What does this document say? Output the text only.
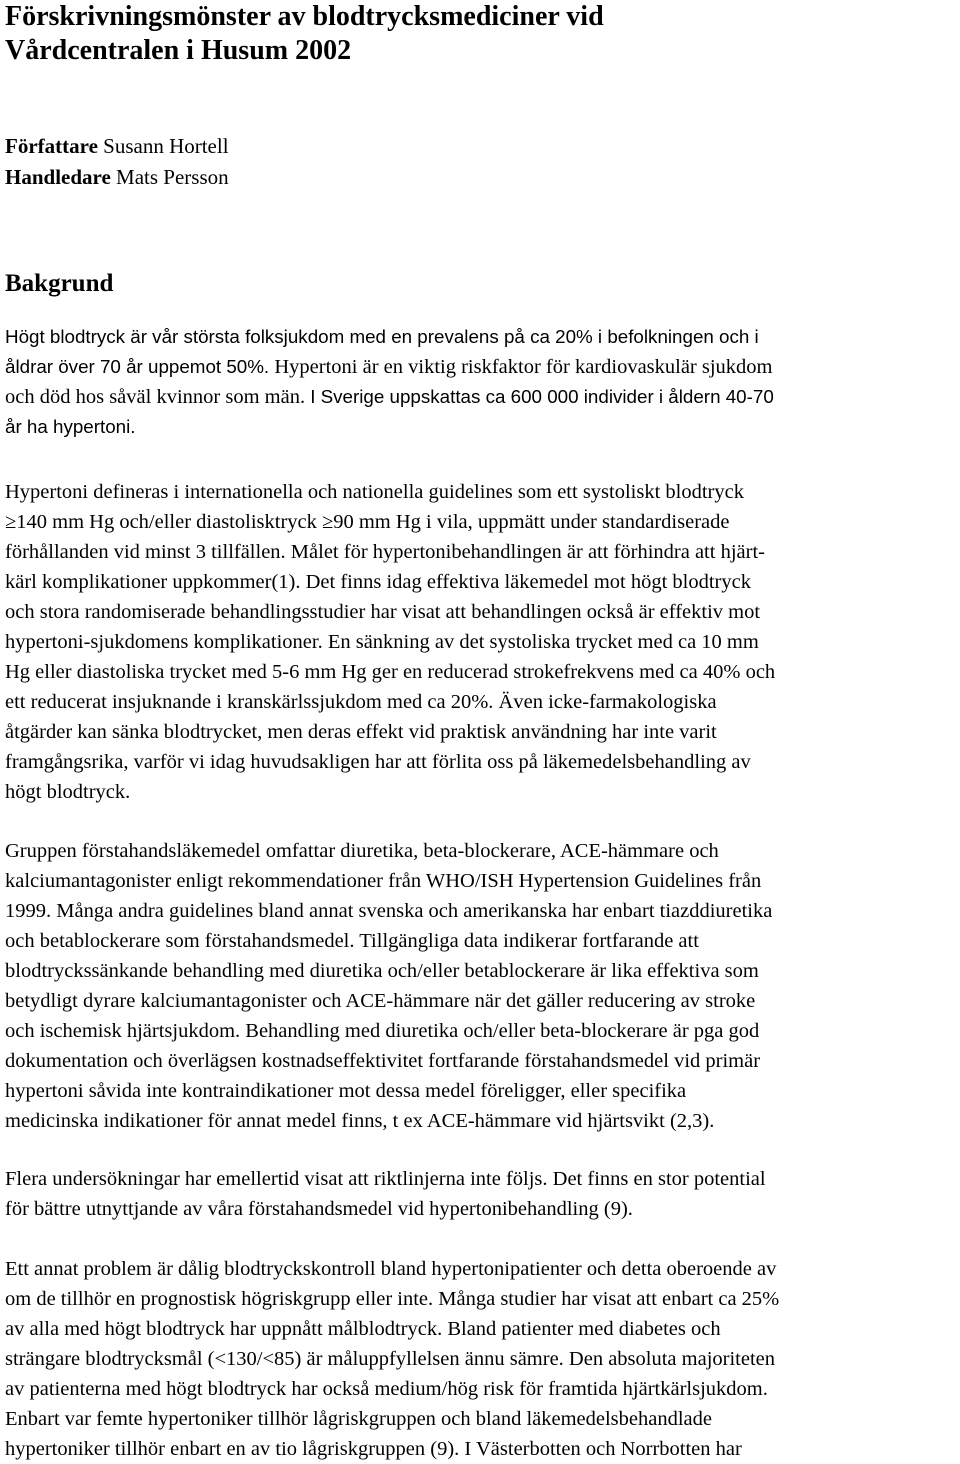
Förskrivningsmönster av blodtrycksmediciner vid
Vårdcentralen i Husum 2002
Författare Susann Hortell
Handledare Mats Persson
Bakgrund

Högt blodtryck är vår största folksjukdom med en prevalens på ca 20% i befolkningen och i
åldrar över 70 år uppemot 50%. Hypertoni är en viktig riskfaktor för kardiovaskulär sjukdom
och död hos såväl kvinnor som män. I Sverige uppskattas ca 600 000 individer i åldern 40-70
år ha hypertoni.

Hypertoni defineras i internationella och nationella guidelines som ett systoliskt blodtryck
≥140 mm Hg och/eller diastolisktryck ≥90 mm Hg i vila, uppmätt under standardiserade
förhållanden vid minst 3 tillfällen. Målet för hypertonibehandlingen är att förhindra att hjärt-
kärl komplikationer uppkommer(1). Det finns idag effektiva läkemedel mot högt blodtryck
och stora randomiserade behandlingsstudier har visat att behandlingen också är effektiv mot
hypertoni-sjukdomens komplikationer. En sänkning av det systoliska trycket med ca 10 mm
Hg eller diastoliska trycket med 5-6 mm Hg ger en reducerad strokefrekvens med ca 40% och
ett reducerat insjuknande i kranskärlssjukdom med ca 20%. Även icke-farmakologiska
åtgärder kan sänka blodtrycket, men deras effekt vid praktisk användning har inte varit
framgångsrika, varför vi idag huvudsakligen har att förlita oss på läkemedelsbehandling av
högt blodtryck.

Gruppen förstahandsläkemedel omfattar diuretika, beta-blockerare, ACE-hämmare och
kalciumantagonister enligt rekommendationer från WHO/ISH Hypertension Guidelines från
1999. Många andra guidelines bland annat svenska och amerikanska har enbart tiazddiuretika
och betablockerare som förstahandsmedel. Tillgängliga data indikerar fortfarande att
blodtryckssänkande behandling med diuretika och/eller betablockerare är lika effektiva som
betydligt dyrare kalciumantagonister och ACE-hämmare när det gäller reducering av stroke
och ischemisk hjärtsjukdom. Behandling med diuretika och/eller beta-blockerare är pga god
dokumentation och överlägsen kostnadseffektivitet fortfarande förstahandsmedel vid primär
hypertoni såvida inte kontraindikationer mot dessa medel föreligger, eller specifika
medicinska indikationer för annat medel finns, t ex ACE-hämmare vid hjärtsvikt (2,3).

Flera undersökningar har emellertid visat att riktlinjerna inte följs. Det finns en stor potential
för bättre utnyttjande av våra förstahandsmedel vid hypertonibehandling (9).

Ett annat problem är dålig blodtryckskontroll bland hypertonipatienter och detta oberoende av
om de tillhör en prognostisk högriskgrupp eller inte. Många studier har visat att enbart ca 25%
av alla med högt blodtryck har uppnått målblodtryck. Bland patienter med diabetes och
strängare blodtrycksmål (<130/<85) är måluppfyllelsen ännu sämre. Den absoluta majoriteten
av patienterna med högt blodtryck har också medium/hög risk för framtida hjärtkärlsjukdom.
Enbart var femte hypertoniker tillhör lågriskgruppen och bland läkemedelsbehandlade
hypertoniker tillhör enbart en av tio lågriskgruppen (9). I Västerbotten och Norrbotten har
